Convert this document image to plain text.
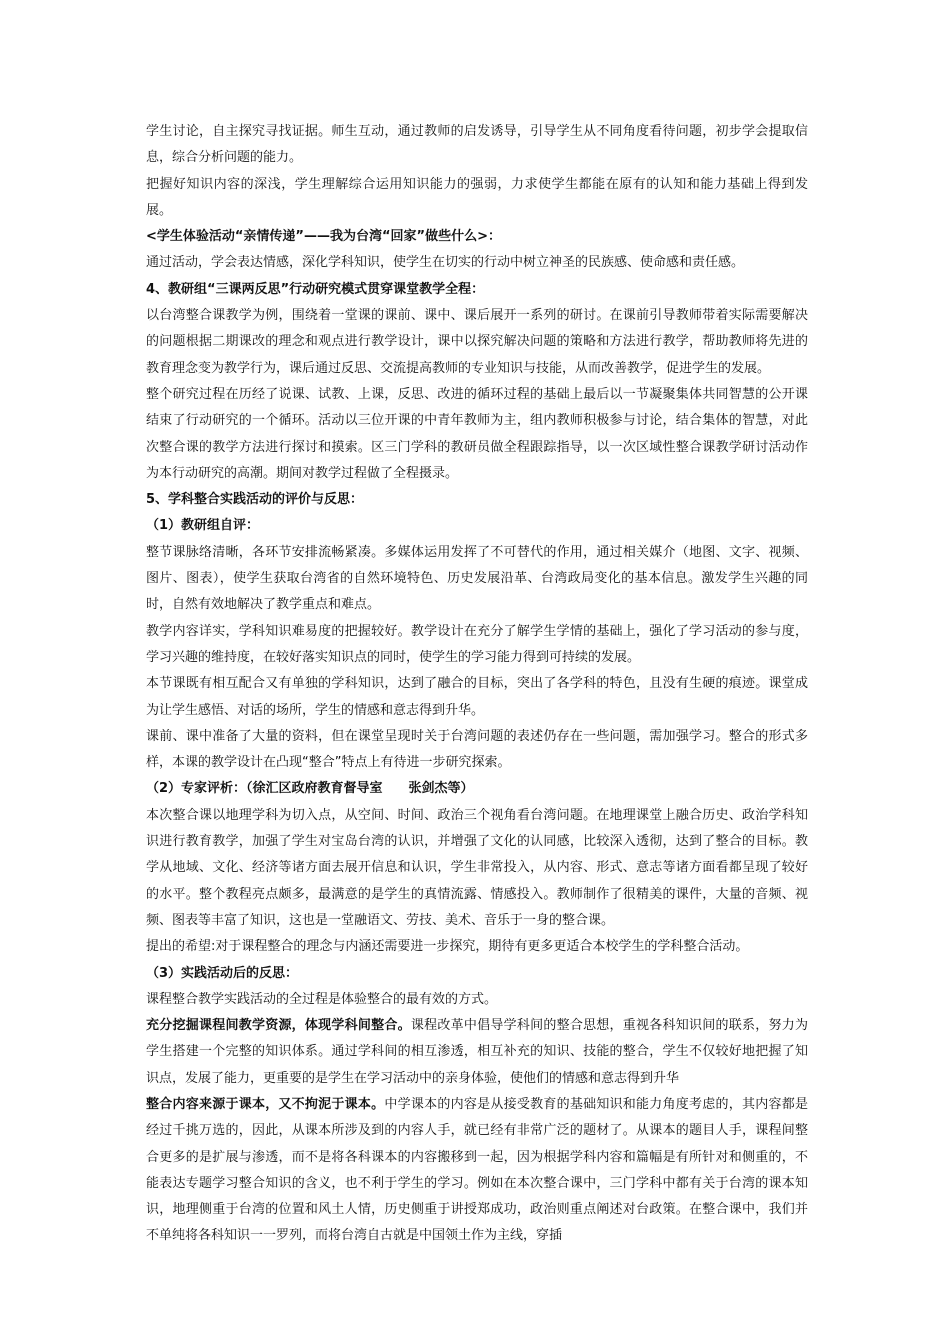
学生讨论，自主探究寻找证据。师生互动，通过教师的启发诱导，引导学生从不同角度看待问题，初步学会提取信息，综合分析问题的能力。

把握好知识内容的深浅，学生理解综合运用知识能力的强弱，力求使学生都能在原有的认知和能力基础上得到发展。

<学生体验活动“亲情传递”——我为台湾“回家”做些什么>：

通过活动，学会表达情感，深化学科知识，使学生在切实的行动中树立神圣的民族感、使命感和责任感。

4、教研组“三课两反思”行动研究模式贯穿课堂教学全程：

以台湾整合课教学为例，围绕着一堂课的课前、课中、课后展开一系列的研讨。在课前引导教师带着实际需要解决的问题根据二期课改的理念和观点进行教学设计，课中以探究解决问题的策略和方法进行教学，帮助教师将先进的教育理念变为教学行为，课后通过反思、交流提高教师的专业知识与技能，从而改善教学，促进学生的发展。

整个研究过程在历经了说课、试教、上课，反思、改进的循环过程的基础上最后以一节凝聚集体共同智慧的公开课结束了行动研究的一个循环。活动以三位开课的中青年教师为主，组内教师积极参与讨论，结合集体的智慧，对此次整合课的教学方法进行探讨和摸索。区三门学科的教研员做全程跟踪指导，以一次区域性整合课教学研讨活动作为本行动研究的高潮。期间对教学过程做了全程摄录。

5、学科整合实践活动的评价与反思：

（1）教研组自评：

整节课脉络清晰，各环节安排流畅紧凑。多媒体运用发挥了不可替代的作用，通过相关媒介（地图、文字、视频、图片、图表），使学生获取台湾省的自然环境特色、历史发展沿革、台湾政局变化的基本信息。激发学生兴趣的同时，自然有效地解决了教学重点和难点。

教学内容详实，学科知识难易度的把握较好。教学设计在充分了解学生学情的基础上，强化了学习活动的参与度，学习兴趣的维持度，在较好落实知识点的同时，使学生的学习能力得到可持续的发展。

本节课既有相互配合又有单独的学科知识，达到了融合的目标，突出了各学科的特色，且没有生硬的痕迹。课堂成为让学生感悟、对话的场所，学生的情感和意志得到升华。

课前、课中准备了大量的资料，但在课堂呈现时关于台湾问题的表述仍存在一些问题，需加强学习。整合的形式多样，本课的教学设计在凸现“整合”特点上有待进一步研究探索。

（2）专家评析：（徐汇区政府教育督导室　　张剑杰等）

本次整合课以地理学科为切入点，从空间、时间、政治三个视角看台湾问题。在地理课堂上融合历史、政治学科知识进行教育教学，加强了学生对宝岛台湾的认识，并增强了文化的认同感，比较深入透彻，达到了整合的目标。教学从地域、文化、经济等诸方面去展开信息和认识，学生非常投入，从内容、形式、意志等诸方面看都呈现了较好的水平。整个教程亮点颇多，最满意的是学生的真情流露、情感投入。教师制作了很精美的课件，大量的音频、视频、图表等丰富了知识，这也是一堂融语文、劳技、美术、音乐于一身的整合课。

提出的希望:对于课程整合的理念与内涵还需要进一步探究，期待有更多更适合本校学生的学科整合活动。

（3）实践活动后的反思：

课程整合教学实践活动的全过程是体验整合的最有效的方式。

充分挖掘课程间教学资源，体现学科间整合。课程改革中倡导学科间的整合思想，重视各科知识间的联系，努力为学生搭建一个完整的知识体系。通过学科间的相互渗透，相互补充的知识、技能的整合，学生不仅较好地把握了知识点，发展了能力，更重要的是学生在学习活动中的亲身体验，使他们的情感和意志得到升华

整合内容来源于课本，又不拘泥于课本。中学课本的内容是从接受教育的基础知识和能力角度考虑的，其内容都是经过千挑万选的，因此，从课本所涉及到的内容人手，就已经有非常广泛的题材了。从课本的题目人手，课程间整合更多的是扩展与渗透，而不是将各科课本的内容搬移到一起，因为根据学科内容和篇幅是有所针对和侧重的，不能表达专题学习整合知识的含义，也不利于学生的学习。例如在本次整合课中，三门学科中都有关于台湾的课本知识，地理侧重于台湾的位置和风土人情，历史侧重于讲授郑成功，政治则重点阐述对台政策。在整合课中，我们并不单纯将各科知识一一罗列，而将台湾自古就是中国领土作为主线，穿插
